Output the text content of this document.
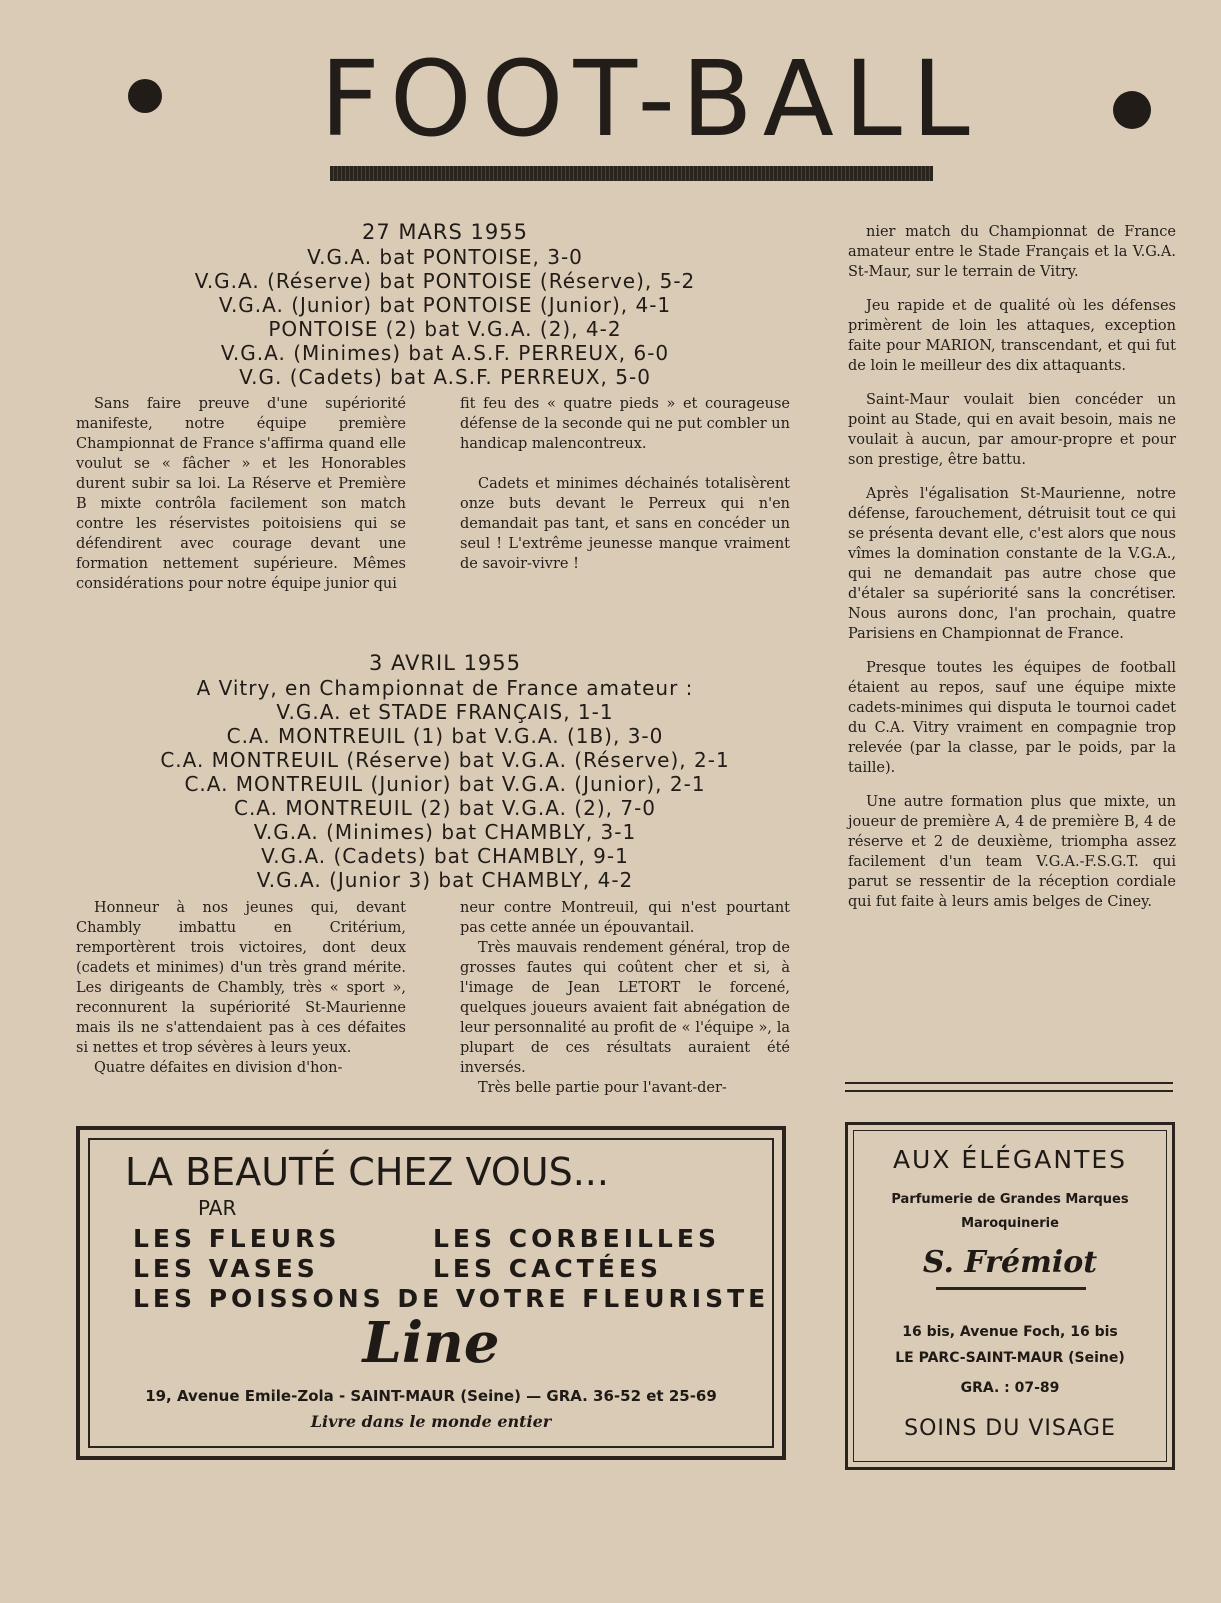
FOOT-BALL
27 MARS 1955
V.G.A. bat PONTOISE, 3-0
V.G.A. (Réserve) bat PONTOISE (Réserve), 5-2
V.G.A. (Junior) bat PONTOISE (Junior), 4-1
PONTOISE (2) bat V.G.A. (2), 4-2
V.G.A. (Minimes) bat A.S.F. PERREUX, 6-0
V.G. (Cadets) bat A.S.F. PERREUX, 5-0

Sans faire preuve d'une supériorité manifeste, notre équipe première Championnat de France s'affirma quand elle voulut se « fâcher » et les Honorables durent subir sa loi. La Réserve et Première B mixte contrôla facilement son match contre les réservistes poitoisiens qui se défendirent avec courage devant une formation nettement supérieure. Mêmes considérations pour notre équipe junior qui

fit feu des « quatre pieds » et courageuse défense de la seconde qui ne put combler un handicap malencontreux.

Cadets et minimes déchainés totalisèrent onze buts devant le Perreux qui n'en demandait pas tant, et sans en concéder un seul ! L'extrême jeunesse manque vraiment de savoir-vivre !

3 AVRIL 1955
A Vitry, en Championnat de France amateur :
V.G.A. et STADE FRANÇAIS, 1-1
C.A. MONTREUIL (1) bat V.G.A. (1B), 3-0
C.A. MONTREUIL (Réserve) bat V.G.A. (Réserve), 2-1
C.A. MONTREUIL (Junior) bat V.G.A. (Junior), 2-1
C.A. MONTREUIL (2) bat V.G.A. (2), 7-0
V.G.A. (Minimes) bat CHAMBLY, 3-1
V.G.A. (Cadets) bat CHAMBLY, 9-1
V.G.A. (Junior 3) bat CHAMBLY, 4-2

Honneur à nos jeunes qui, devant Chambly imbattu en Critérium, remportèrent trois victoires, dont deux (cadets et minimes) d'un très grand mérite. Les dirigeants de Chambly, très « sport », reconnurent la supériorité St-Maurienne mais ils ne s'attendaient pas à ces défaites si nettes et trop sévères à leurs yeux.

Quatre défaites en division d'hon-

neur contre Montreuil, qui n'est pourtant pas cette année un épouvantail.

Très mauvais rendement général, trop de grosses fautes qui coûtent cher et si, à l'image de Jean LETORT le forcené, quelques joueurs avaient fait abnégation de leur personnalité au profit de « l'équipe », la plupart de ces résultats auraient été inversés.

Très belle partie pour l'avant-der-

nier match du Championnat de France amateur entre le Stade Français et la V.G.A. St-Maur, sur le terrain de Vitry.

Jeu rapide et de qualité où les défenses primèrent de loin les attaques, exception faite pour MARION, transcendant, et qui fut de loin le meilleur des dix attaquants.

Saint-Maur voulait bien concéder un point au Stade, qui en avait besoin, mais ne voulait à aucun, par amour-propre et pour son prestige, être battu.

Après l'égalisation St-Maurienne, notre défense, farouchement, détruisit tout ce qui se présenta devant elle, c'est alors que nous vîmes la domination constante de la V.G.A., qui ne demandait pas autre chose que d'étaler sa supériorité sans la concrétiser. Nous aurons donc, l'an prochain, quatre Parisiens en Championnat de France.

Presque toutes les équipes de football étaient au repos, sauf une équipe mixte cadets-minimes qui disputa le tournoi cadet du C.A. Vitry vraiment en compagnie trop relevée (par la classe, par le poids, par la taille).

Une autre formation plus que mixte, un joueur de première A, 4 de première B, 4 de réserve et 2 de deuxième, triompha assez facilement d'un team V.G.A.-F.S.G.T. qui parut se ressentir de la réception cordiale qui fut faite à leurs amis belges de Ciney.

LA BEAUTÉ CHEZ VOUS...
PAR
LES FLEURS	LES CORBEILLES
LES VASES	LES CACTÉES
LES POISSONS DE VOTRE FLEURISTE
Line
19, Avenue Emile-Zola - SAINT-MAUR (Seine) — GRA. 36-52 et 25-69
Livre dans le monde entier
AUX ÉLÉGANTES
Parfumerie de Grandes Marques
Maroquinerie
S. Frémiot
16 bis, Avenue Foch, 16 bis
LE PARC-SAINT-MAUR (Seine)
GRA. : 07-89
SOINS DU VISAGE
